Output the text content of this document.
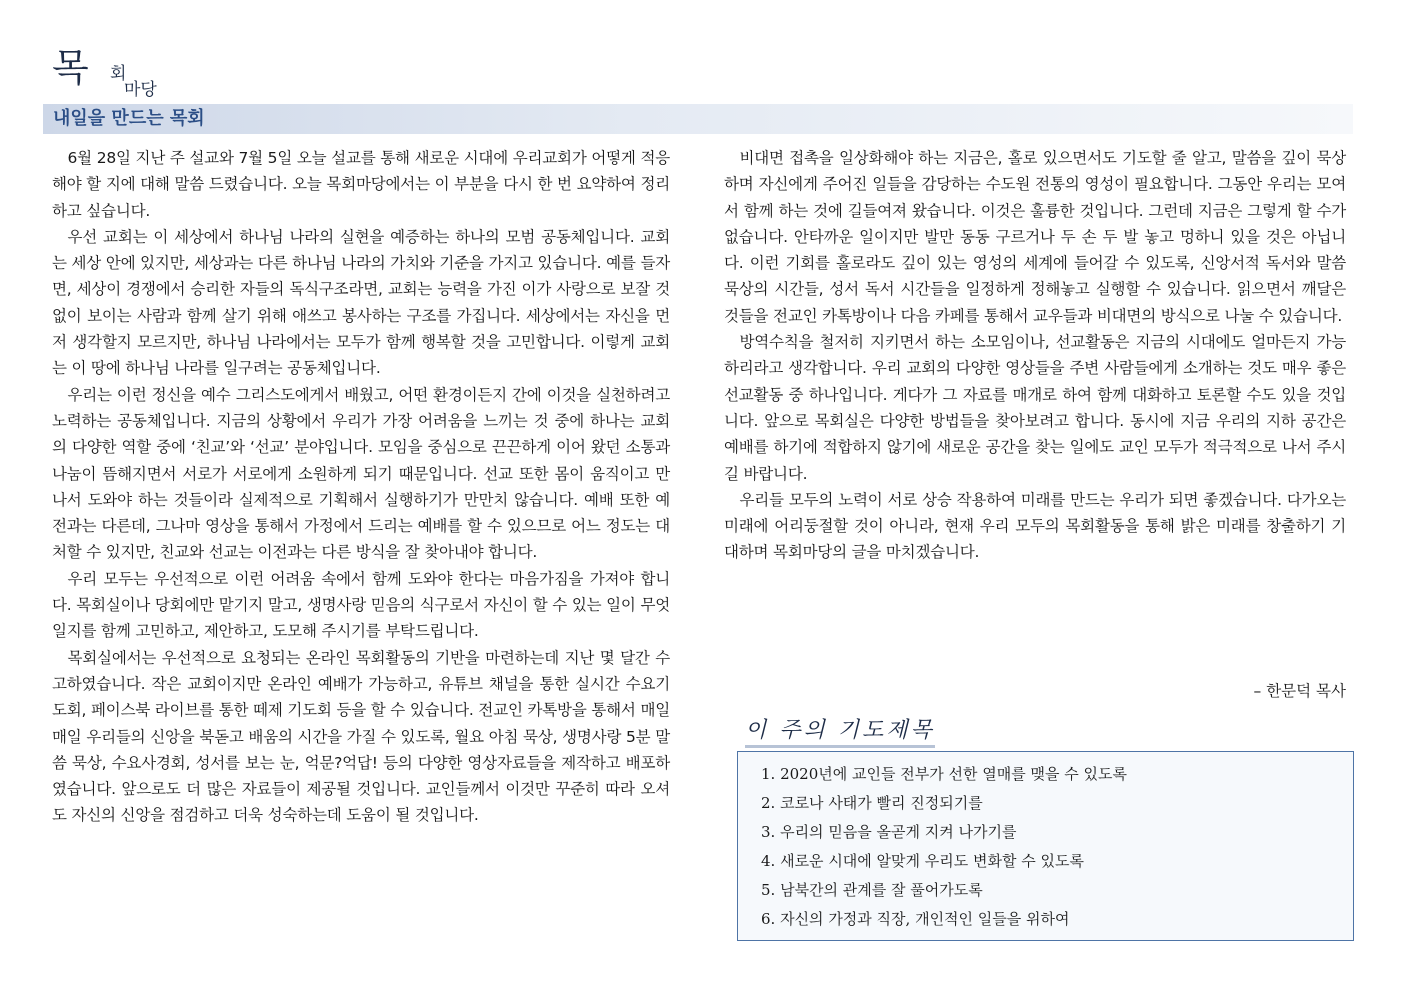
목 회
마당
내일을 만드는 목회

6월 28일 지난 주 설교와 7월 5일 오늘 설교를 통해 새로운 시대에 우리교회가 어떻게 적응해야 할 지에 대해 말씀 드렸습니다. 오늘 목회마당에서는 이 부분을 다시 한 번 요약하여 정리하고 싶습니다.

우선 교회는 이 세상에서 하나님 나라의 실현을 예증하는 하나의 모범 공동체입니다. 교회는 세상 안에 있지만, 세상과는 다른 하나님 나라의 가치와 기준을 가지고 있습니다. 예를 들자면, 세상이 경쟁에서 승리한 자들의 독식구조라면, 교회는 능력을 가진 이가 사랑으로 보잘 것 없이 보이는 사람과 함께 살기 위해 애쓰고 봉사하는 구조를 가집니다. 세상에서는 자신을 먼저 생각할지 모르지만, 하나님 나라에서는 모두가 함께 행복할 것을 고민합니다. 이렇게 교회는 이 땅에 하나님 나라를 일구려는 공동체입니다.

우리는 이런 정신을 예수 그리스도에게서 배웠고, 어떤 환경이든지 간에 이것을 실천하려고 노력하는 공동체입니다. 지금의 상황에서 우리가 가장 어려움을 느끼는 것 중에 하나는 교회의 다양한 역할 중에 ‘친교’와 ‘선교’ 분야입니다. 모임을 중심으로 끈끈하게 이어 왔던 소통과 나눔이 뜸해지면서 서로가 서로에게 소원하게 되기 때문입니다. 선교 또한 몸이 움직이고 만나서 도와야 하는 것들이라 실제적으로 기획해서 실행하기가 만만치 않습니다. 예배 또한 예전과는 다른데, 그나마 영상을 통해서 가정에서 드리는 예배를 할 수 있으므로 어느 정도는 대처할 수 있지만, 친교와 선교는 이전과는 다른 방식을 잘 찾아내야 합니다.

우리 모두는 우선적으로 이런 어려움 속에서 함께 도와야 한다는 마음가짐을 가져야 합니다. 목회실이나 당회에만 맡기지 말고, 생명사랑 믿음의 식구로서 자신이 할 수 있는 일이 무엇일지를 함께 고민하고, 제안하고, 도모해 주시기를 부탁드립니다.

목회실에서는 우선적으로 요청되는 온라인 목회활동의 기반을 마련하는데 지난 몇 달간 수고하였습니다. 작은 교회이지만 온라인 예배가 가능하고, 유튜브 채널을 통한 실시간 수요기도회, 페이스북 라이브를 통한 떼제 기도회 등을 할 수 있습니다. 전교인 카톡방을 통해서 매일 매일 우리들의 신앙을 북돋고 배움의 시간을 가질 수 있도록, 월요 아침 묵상, 생명사랑 5분 말씀 묵상, 수요사경회, 성서를 보는 눈, 억문?억답! 등의 다양한 영상자료들을 제작하고 배포하였습니다. 앞으로도 더 많은 자료들이 제공될 것입니다. 교인들께서 이것만 꾸준히 따라 오셔도 자신의 신앙을 점검하고 더욱 성숙하는데 도움이 될 것입니다.

비대면 접촉을 일상화해야 하는 지금은, 홀로 있으면서도 기도할 줄 알고, 말씀을 깊이 묵상하며 자신에게 주어진 일들을 감당하는 수도원 전통의 영성이 필요합니다. 그동안 우리는 모여서 함께 하는 것에 길들여져 왔습니다. 이것은 훌륭한 것입니다. 그런데 지금은 그렇게 할 수가 없습니다. 안타까운 일이지만 발만 동동 구르거나 두 손 두 발 놓고 멍하니 있을 것은 아닙니다. 이런 기회를 홀로라도 깊이 있는 영성의 세계에 들어갈 수 있도록, 신앙서적 독서와 말씀 묵상의 시간들, 성서 독서 시간들을 일정하게 정해놓고 실행할 수 있습니다. 읽으면서 깨달은 것들을 전교인 카톡방이나 다음 카페를 통해서 교우들과 비대면의 방식으로 나눌 수 있습니다.

방역수칙을 철저히 지키면서 하는 소모임이나, 선교활동은 지금의 시대에도 얼마든지 가능하리라고 생각합니다. 우리 교회의 다양한 영상들을 주변 사람들에게 소개하는 것도 매우 좋은 선교활동 중 하나입니다. 게다가 그 자료를 매개로 하여 함께 대화하고 토론할 수도 있을 것입니다. 앞으로 목회실은 다양한 방법들을 찾아보려고 합니다. 동시에 지금 우리의 지하 공간은 예배를 하기에 적합하지 않기에 새로운 공간을 찾는 일에도 교인 모두가 적극적으로 나서 주시길 바랍니다.

우리들 모두의 노력이 서로 상승 작용하여 미래를 만드는 우리가 되면 좋겠습니다. 다가오는 미래에 어리둥절할 것이 아니라, 현재 우리 모두의 목회활동을 통해 밝은 미래를 창출하기 기대하며 목회마당의 글을 마치겠습니다.

– 한문덕 목사
이 주의 기도제목
1. 2020년에 교인들 전부가 선한 열매를 맺을 수 있도록
2. 코로나 사태가 빨리 진정되기를
3. 우리의 믿음을 올곧게 지켜 나가기를
4. 새로운 시대에 알맞게 우리도 변화할 수 있도록
5. 남북간의 관계를 잘 풀어가도록
6. 자신의 가정과 직장, 개인적인 일들을 위하여
